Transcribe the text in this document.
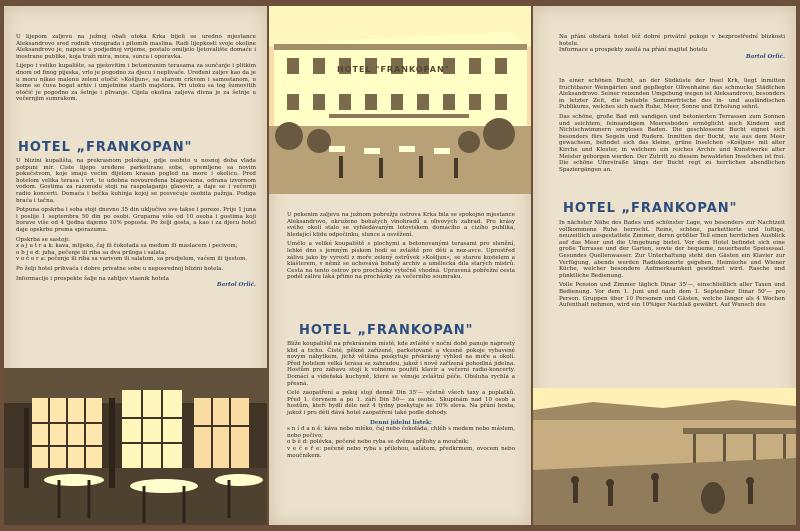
U lijepom zaljevu na južnoj obali otoka Krka bijeli se uredno mjestance Aleksandrovo sred rodnih vinograda i pitomih maslina. Radi lijepkosti svoje okoline Aleksandrovo je, napose u podjednoj vrijeme, postalo omiljelo ljetovalište domaće i inostrane publike, koja traži mira, mora, sunca i oporavka.

Lijepo i veliko kupalište, sa pješovitim i betoniranim terasama za sunčanje i plitkim dnom od finog pijeska, vrlo je pogodno za djecu i neplivače. Uređeni zaljev kao da je u moru nikao malenu zeleni otočić »Košljun«, sa starom crkvom i samostanom, u kome se čuva bogat arhiv i umjetnine starih majstora. Pri utoku sa tog šumovitih otočić je pogodno za šetnje i plivanje. Cijela okolina zaljeva divna je za šetnje u večernjim sumrakom.

HOTEL „FRANKOPAN"

U blizini kupališta, na prekrasnom položaju, gdje osobito u nosnoj doba vlada potpuni mir. Ciste lijepo uređene parketirane sobe, opremljene sa novim pokućstvom, koje imaju većim dijelom krasan pogled na more i okolicu. Pred hotelom velika terasa i vrt, te udobna novouređena blagovaona, odrana izvornom vodom. Gostima za razonodu stoji na raspolaganju glasovir, a daje se i večernji radio koncerti. Domaća i bečka kuhinja kojoj se posvećuje osobita pažnja. Podiga braća i tačna.

Potpuna opskrba i soba stoji dnevno 35 din uključivo sve takse i poreze. Prije 1 juna i poslije 1 septembra 50 din po osobi. Grupama više od 10 osoba i gostima koji borave više od 4 tjedna dajemo 10% popusta. Po želji gosta, a kao i za djecu hotel daje opskrbu prema sporazumu.

Opskrba se sastoji:

z a j u t r a k: kava, mlijeko, čaj ili čokolada sa medom ili maslacem i pecivom;

o b j e d: juha, pečenje ili riba sa dva priloga i salata;

v e č e r a: pečenje ili riba sa varivom ili salatom, sa predjelom, vaćem ili tjestom.

Po želji hotel prihvaća i dobre privatne sobe u neposrednoj blizini hotela.

Informacije i prospekte šalje na zahtjev vlasnik hotela

Bartol Orlić.

HOTEL "FRANKOPAN"

U pekenim zaljevu na južnom pobrežju ostrova Krka bila se spokojno mjestance Aleksandrovo, okruženo bohatých vinohradů a olivových zahrad. Pro krásy svého okolí stalo se vyhledávaným letoviskem domácího a cizího publika, hledající klidu odpočinku, slunce a osvěžení.

Umělo a veliké koupaliště s plochymi a betonovanými terasami pro slunění, lehké dno s jemným pískem hodí se zvláště pro děti a nez-avce. Uprostřed zálivu jako by vyrostl z moře zelený ostrůvek »Košljun«, se starou kostelem a klášterem, v němž se uchovává bohatý archiv a umělecká díla starých mistrů. Cesta na tento ostrov pro procházky výtečně vhodná. Upravená pobřežní cesta podél zálivu láká přímo na procházky za večerního soumraku.

HOTEL „FRANKOPAN"

Blíže koupaliště na překrásném místě, kde zvláště v noční době panuje naprostý klid a ticho. Čisté, pěkně zařízené, parketované a vkusně pokoje vybavené novým nábytkem, jichž většina poskytuje překrásný výhled na moře a okolí. Před hotelem velká terasa se zahradou, jakož i nově zařízená pohodlná jídelna. Hostům pro zábavu stojí k volnému použití klavír a večerní radio-koncerty. Domácí a vídeňská kuchyně, které se věnuje zvláštní péče. Obsluha rychlá a přesná.

Celé zaopatření a pokoj stojí denně Din 35'— včetně všech taxy a poplatků. Před 1. červnem a po 1. září Din 50— za osobu. Skupinám nad 10 osob a hostům, kteří bydlí déle než 4 týdny poskytuje se 10% sleva. Na přání hosta, jakož i pro děti dává hotel zaopatření také podle dohody.

Denní jídelní lístek:

s n í d a n ě: káva nebo mléko, čaj nebo čokoláda, chléb s medem nebo máslem, nebo pečivo;

o b ě d: polévka, pečené nebo ryba se dvěma přílohy a moučník;

v e č e ř e: pečeně nebo ryba s přílohou, salátem, předkrmem, ovocem nebo moučníkem.

Na přání obstará hotel též dobré privátní pokoje v bezprostřední blízkosti hotelu.

Informace a prospekty zasílá na přání majitel hotelu

Bartol Orlić.

In einer schönen Bucht, an der Südküste der Insel Krk, liegt inmitten fruchtbarer Weingärten und gepflegter Olivenhaine das schmucke Städtchen Aleksandrovo. Seiner reizenden Umgebung wegen ist Aleksandrovo, besonders in letzter Zeit, die beliebte Sommerfrische des in- und ausländischen Publikums, welches sich nach Ruhe, Meer, Sonne und Erholung sehnt.

Das schöne, große Bad mit sandigen und betonierten Terrassen zum Sonnen und seichtem, feinsandigem Meeresboden ermöglicht auch Kindern und Nichtschwimmern sorgloses Baden. Die geschlossene Bucht eignet sich besonders fürs Segeln und Rudern. Inmitten der Bucht, wie aus dem Meer gewachsen, befindet sich das kleine, grüne Inselchen »Košljun« mit alter Kirche und Kloster, in welchem ein reiches Archiv und Kunstwerke alter Meister geborgen werden. Der Zutritt zu diesem bewaldeten Inselchen ist frei. Die schöne Uferstraße längs der Bucht regt zu herrlichen abendlichen Spaziergängen an.

HOTEL „FRANKOPAN"

In nächster Nähe des Bades und schönster Lage, wo besonders zur Nachtzeit vollkommene Ruhe herrscht. Reine, schöne, parkettierte und luftige, neuzeitlich ausgestattete Zimmer, deren größter Teil einen herrlichen Ausblick auf das Meer und die Umgebung bietet. Vor dem Hotel befindet sich eine große Terrasse und der Garten, sowie der bequeme, neuerbaute Speisesaal. Gesundes Quellenwasser. Zur Unterhaltung steht den Gästen ein Klavier zur Verfügung, abends werden Radiokonzerte gegeben. Heimische und Wiener Küche, welcher besondere Aufmerksamkeit gewidmet wird. Rasche und pünktliche Bedienung.

Volle Pension und Zimmer täglich Dinar 35'—, einschließlich aller Taxen und Bedienung. Vor dem 1. Juni und nach dem 1. September Dinar 50'— pro Person. Gruppen über 10 Personen und Gästen, welche länger als 4 Wochen Aufenthalt nehmen, wird ein 10%iger Nachlaß gewährt. Auf Wunsch des
